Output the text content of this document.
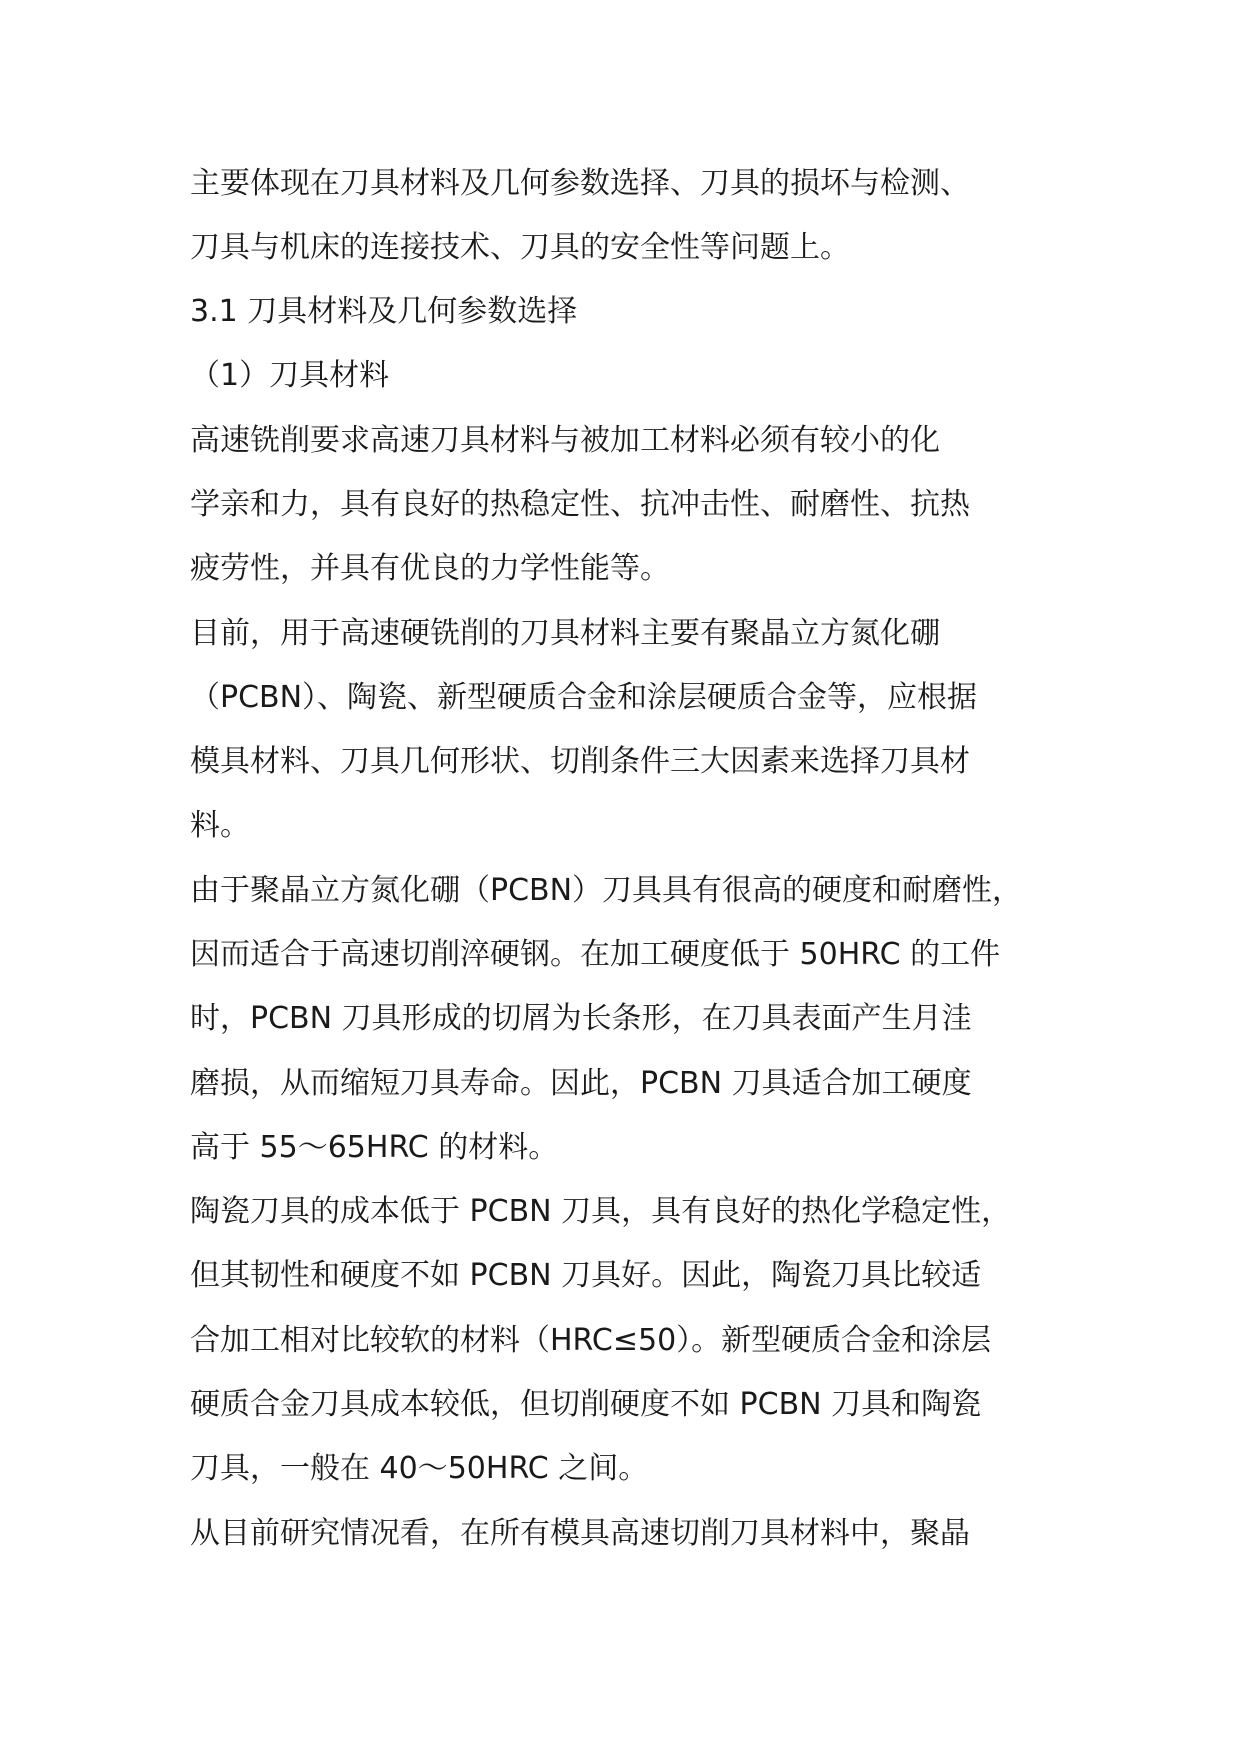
主要体现在刀具材料及几何参数选择、刀具的损坏与检测、
刀具与机床的连接技术、刀具的安全性等问题上。
3.1 刀具材料及几何参数选择
（1）刀具材料
高速铣削要求高速刀具材料与被加工材料必须有较小的化
学亲和力，具有良好的热稳定性、抗冲击性、耐磨性、抗热
疲劳性，并具有优良的力学性能等。
目前，用于高速硬铣削的刀具材料主要有聚晶立方氮化硼
（PCBN）、陶瓷、新型硬质合金和涂层硬质合金等，应根据
模具材料、刀具几何形状、切削条件三大因素来选择刀具材
料。
由于聚晶立方氮化硼（PCBN）刀具具有很高的硬度和耐磨性，
因而适合于高速切削淬硬钢。在加工硬度低于 50HRC 的工件
时，PCBN 刀具形成的切屑为长条形，在刀具表面产生月洼
磨损，从而缩短刀具寿命。因此，PCBN 刀具适合加工硬度
高于 55～65HRC 的材料。
陶瓷刀具的成本低于 PCBN 刀具，具有良好的热化学稳定性，
但其韧性和硬度不如 PCBN 刀具好。因此，陶瓷刀具比较适
合加工相对比较软的材料（HRC≤50）。新型硬质合金和涂层
硬质合金刀具成本较低，但切削硬度不如 PCBN 刀具和陶瓷
刀具，一般在 40～50HRC 之间。
从目前研究情况看，在所有模具高速切削刀具材料中，聚晶
